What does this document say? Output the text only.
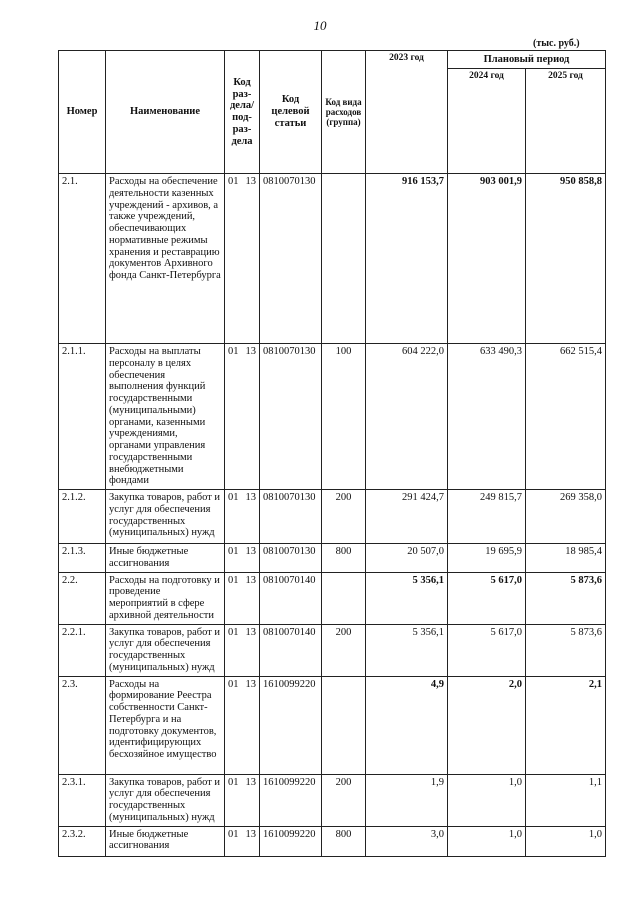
10
(тыс. руб.)
Номер	Наименование	Код раз-дела/ под-раз-дела	Код целевой статьи	Код вида расходов (группа)	2023 год	Плановый период	
						2024 год	2025 год
2.1.	Расходы на обеспечение деятельности казенных учреждений - архивов, а также учреждений, обеспечивающих нормативные режимы хранения и реставрацию документов Архивного фонда Санкт-Петербурга	01 13	0810070130		916 153,7	903 001,9	950 858,8
2.1.1.	Расходы на выплаты персоналу в целях обеспечения выполнения функций государственными (муниципальными) органами, казенными учреждениями, органами управления государственными внебюджетными фондами	01 13	0810070130	100	604 222,0	633 490,3	662 515,4
2.1.2.	Закупка товаров, работ и услуг для обеспечения государственных (муниципальных) нужд	01 13	0810070130	200	291 424,7	249 815,7	269 358,0
2.1.3.	Иные бюджетные ассигнования	01 13	0810070130	800	20 507,0	19 695,9	18 985,4
2.2.	Расходы на подготовку и проведение мероприятий в сфере архивной деятельности	01 13	0810070140		5 356,1	5 617,0	5 873,6
2.2.1.	Закупка товаров, работ и услуг для обеспечения государственных (муниципальных) нужд	01 13	0810070140	200	5 356,1	5 617,0	5 873,6
2.3.	Расходы на формирование Реестра собственности Санкт-Петербурга и на подготовку документов, идентифицирующих бесхозяйное имущество	01 13	1610099220		4,9	2,0	2,1
2.3.1.	Закупка товаров, работ и услуг для обеспечения государственных (муниципальных) нужд	01 13	1610099220	200	1,9	1,0	1,1
2.3.2.	Иные бюджетные ассигнования	01 13	1610099220	800	3,0	1,0	1,0
